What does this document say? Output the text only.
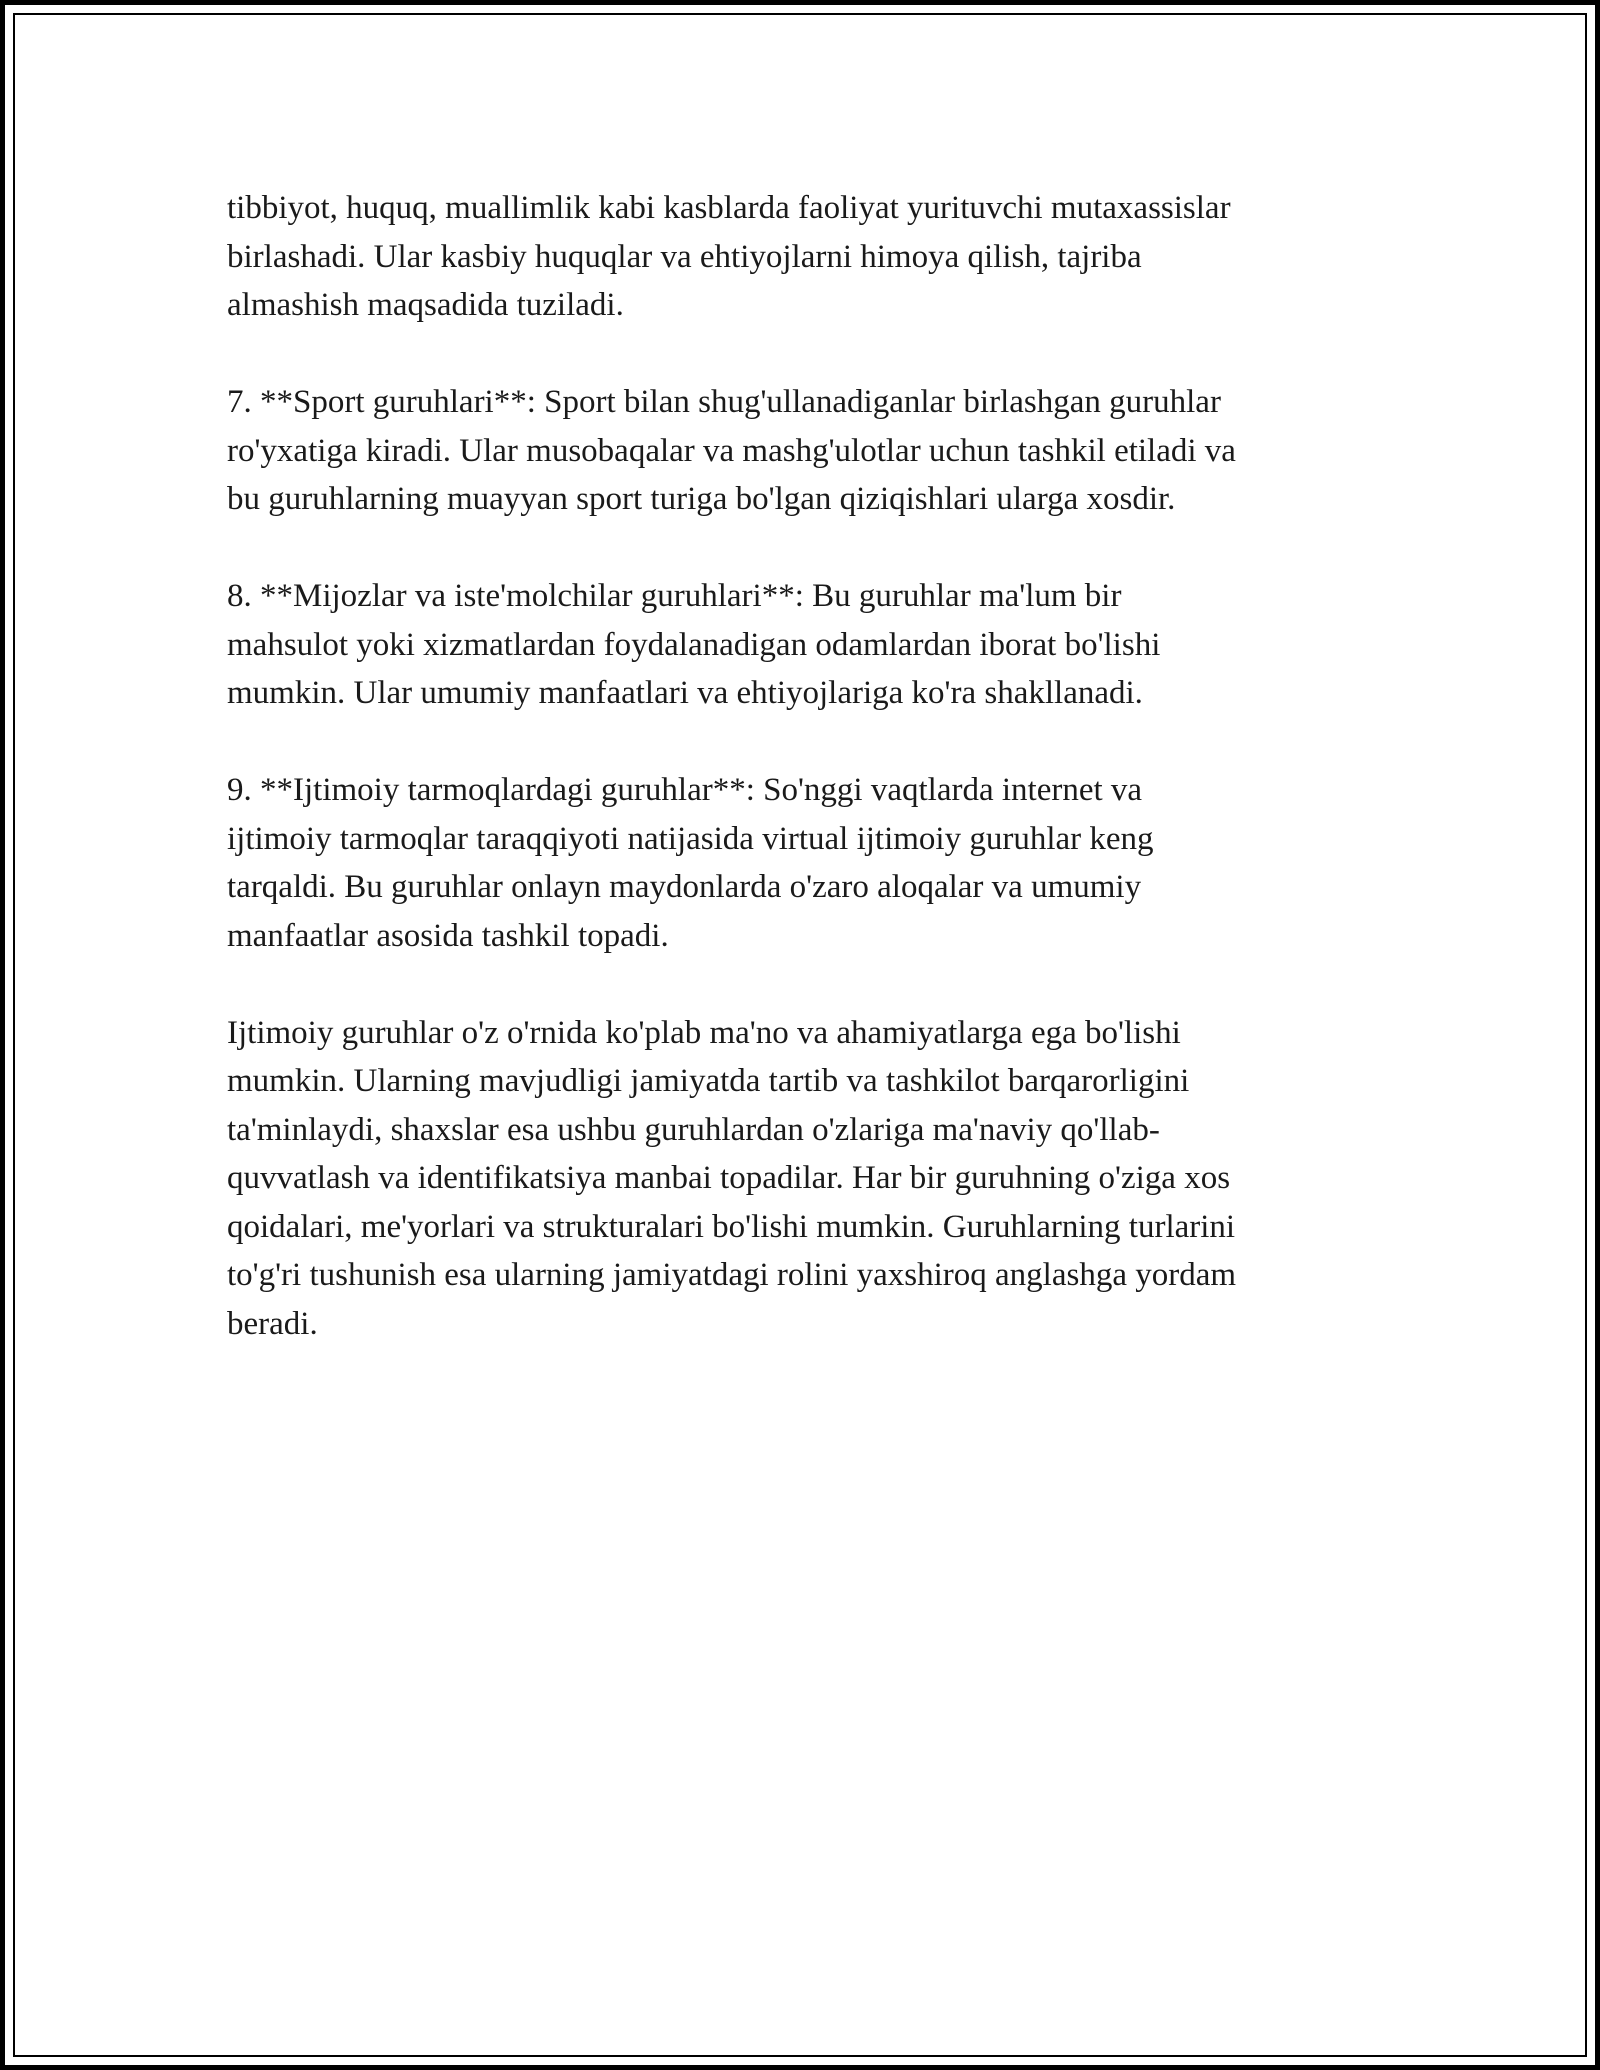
tibbiyot, huquq, muallimlik kabi kasblarda faoliyat yurituvchi mutaxassislar
birlashadi. Ular kasbiy huquqlar va ehtiyojlarni himoya qilish, tajriba
almashish maqsadida tuziladi.

7. **Sport guruhlari**: Sport bilan shug'ullanadiganlar birlashgan guruhlar
ro'yxatiga kiradi. Ular musobaqalar va mashg'ulotlar uchun tashkil etiladi va
bu guruhlarning muayyan sport turiga bo'lgan qiziqishlari ularga xosdir.

8. **Mijozlar va iste'molchilar guruhlari**: Bu guruhlar ma'lum bir
mahsulot yoki xizmatlardan foydalanadigan odamlardan iborat bo'lishi
mumkin. Ular umumiy manfaatlari va ehtiyojlariga ko'ra shakllanadi.

9. **Ijtimoiy tarmoqlardagi guruhlar**: So'nggi vaqtlarda internet va
ijtimoiy tarmoqlar taraqqiyoti natijasida virtual ijtimoiy guruhlar keng
tarqaldi. Bu guruhlar onlayn maydonlarda o'zaro aloqalar va umumiy
manfaatlar asosida tashkil topadi.

Ijtimoiy guruhlar o'z o'rnida ko'plab ma'no va ahamiyatlarga ega bo'lishi
mumkin. Ularning mavjudligi jamiyatda tartib va tashkilot barqarorligini
ta'minlaydi, shaxslar esa ushbu guruhlardan o'zlariga ma'naviy qo'llab-
quvvatlash va identifikatsiya manbai topadilar. Har bir guruhning o'ziga xos
qoidalari, me'yorlari va strukturalari bo'lishi mumkin. Guruhlarning turlarini
to'g'ri tushunish esa ularning jamiyatdagi rolini yaxshiroq anglashga yordam
beradi.
